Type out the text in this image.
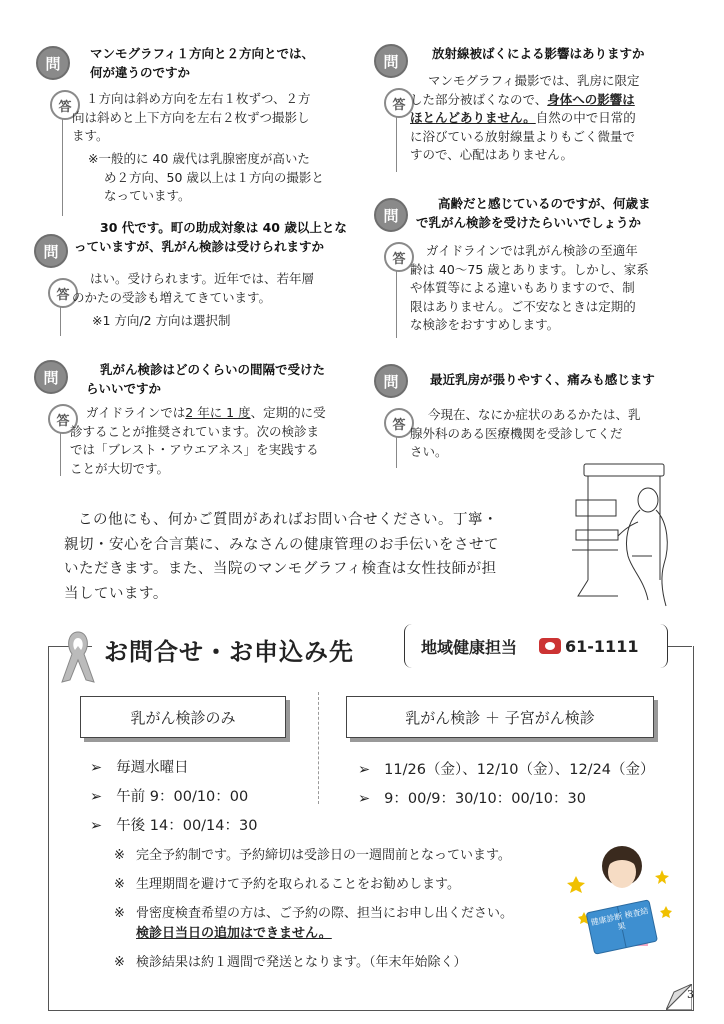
問
マンモグラフィ１方向と２方向とでは、
何が違うのですか
答
１方向は斜め方向を左右１枚ずつ、２方
向は斜めと上下方向を左右２枚ずつ撮影し
ます。
※一般的に 40 歳代は乳腺密度が高いた
め２方向、50 歳以上は１方向の撮影と
なっています。
問
30 代です。町の助成対象は 40 歳以上とな
っていますが、乳がん検診は受けられますか
答
はい。受けられます。近年では、若年層
のかたの受診も増えてきています。
※1 方向/2 方向は選択制
問	乳がん検診はどのくらいの間隔で受けた
らいいですか
答
ガイドラインでは2 年に 1 度、定期的に受
診することが推奨されています。次の検診ま
では「ブレスト・アウエアネス」を実践する
ことが大切です。
問	放射線被ばくによる影響はありますか
答
マンモグラフィ撮影では、乳房に限定
した部分被ばくなので、身体への影響は
ほとんどありません。自然の中で日常的
に浴びている放射線量よりもごく微量で
すので、心配はありません。
問
高齢だと感じているのですが、何歳ま
で乳がん検診を受けたらいいでしょうか
答
ガイドラインでは乳がん検診の至適年
齢は 40～75 歳とあります。しかし、家系
や体質等による違いもありますので、制
限はありません。ご不安なときは定期的
な検診をおすすめします。
問	最近乳房が張りやすく、痛みも感じます
答
今現在、なにか症状のあるかたは、乳
腺外科のある医療機関を受診してくだ
さい。
この他にも、何かご質問があればお問い合せください。丁寧・
親切・安心を合言葉に、みなさんの健康管理のお手伝いをさせて
いただきます。また、当院のマンモグラフィ検査は女性技師が担
当しています。
お問合せ・お申込み先	地域健康担当	61-1111
乳がん検診のみ	乳がん検診 ＋ 子宮がん検診
➢ 毎週水曜日
➢ 午前 9：00/10：00
➢ 午後 14：00/14：30
➢ 11/26（金）、12/10（金）、12/24（金）
➢ 9：00/9：30/10：00/10：30
※ 完全予約制です。予約締切は受診日の一週間前となっています。
※ 生理期間を避けて予約を取られることをお勧めします。
※ 骨密度検査希望の方は、ご予約の際、担当にお申し出ください。
検診日当日の追加はできません。
※ 検診結果は約１週間で発送となります。（年末年始除く）
健康診断 検査結果
3
